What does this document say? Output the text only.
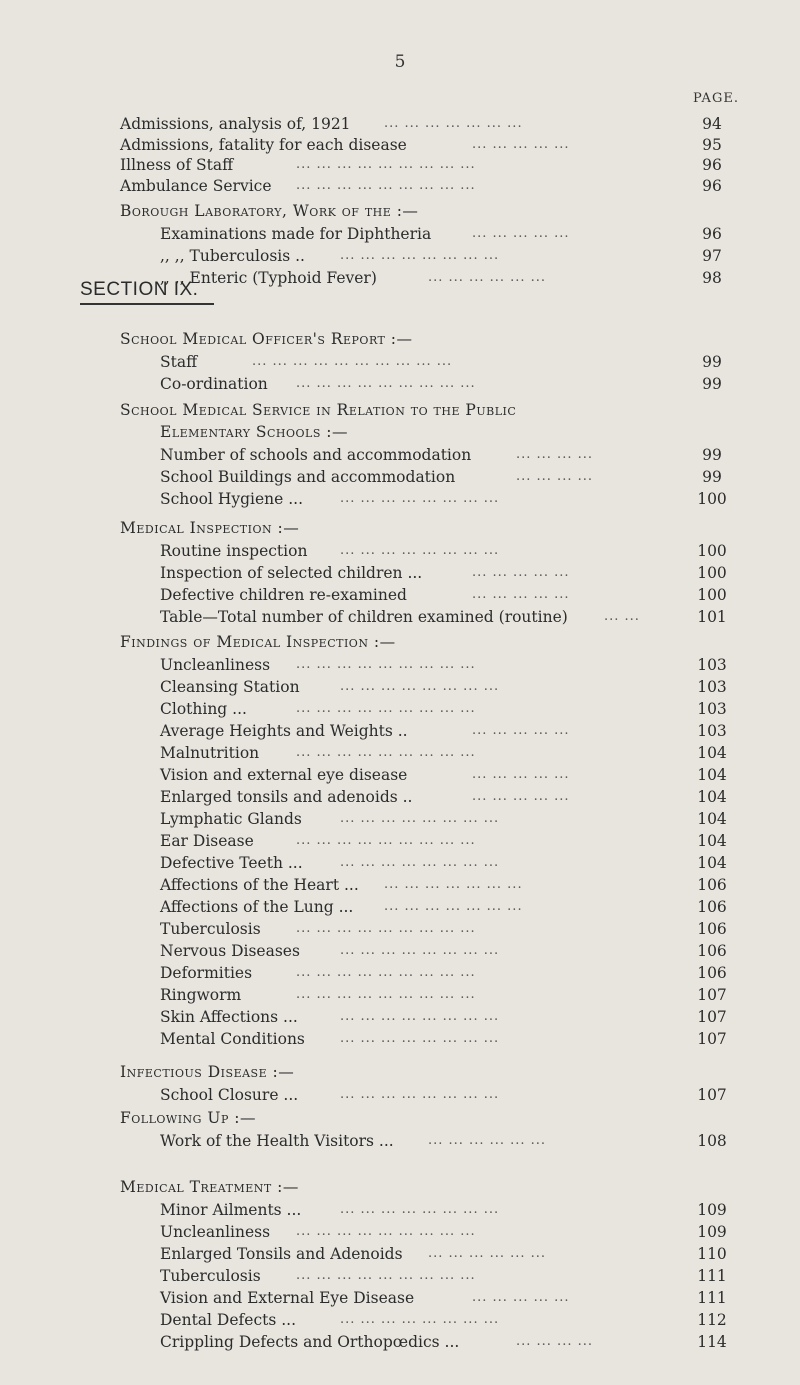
5
PAGE.
Admissions, analysis of, 1921	94
... ... ... ... ... ... ...
Admissions, fatality for each disease	95
... ... ... ... ...
Illness of Staff	96
... ... ... ... ... ... ... ... ...
Ambulance Service	96
... ... ... ... ... ... ... ... ...
Borough Laboratory, Work of the :—
Examinations made for Diphtheria	96
... ... ... ... ...
,, ,, Tuberculosis ..	97
... ... ... ... ... ... ... ...
,, ,, Enteric (Typhoid Fever)	98
... ... ... ... ... ...
School Medical Officer's Report :—
Staff	99
... ... ... ... ... ... ... ... ... ...
Co-ordination	99
... ... ... ... ... ... ... ... ...
School Medical Service in Relation to the Public
Elementary Schools :—
Number of schools and accommodation	99
... ... ... ...
School Buildings and accommodation	99
... ... ... ...
School Hygiene ...	100
... ... ... ... ... ... ... ...
Medical Inspection :—
Routine inspection	100
... ... ... ... ... ... ... ...
Inspection of selected children ...	100
... ... ... ... ...
Defective children re-examined	100
... ... ... ... ...
Table—Total number of children examined (routine)	101
... ...
Findings of Medical Inspection :—
Uncleanliness	103
... ... ... ... ... ... ... ... ...
Cleansing Station	103
... ... ... ... ... ... ... ...
Clothing ...	103
... ... ... ... ... ... ... ... ...
Average Heights and Weights ..	103
... ... ... ... ...
Malnutrition	104
... ... ... ... ... ... ... ... ...
Vision and external eye disease	104
... ... ... ... ...
Enlarged tonsils and adenoids ..	104
... ... ... ... ...
Lymphatic Glands	104
... ... ... ... ... ... ... ...
Ear Disease	104
... ... ... ... ... ... ... ... ...
Defective Teeth ...	104
... ... ... ... ... ... ... ...
Affections of the Heart ...	106
... ... ... ... ... ... ...
Affections of the Lung ...	106
... ... ... ... ... ... ...
Tuberculosis	106
... ... ... ... ... ... ... ... ...
Nervous Diseases	106
... ... ... ... ... ... ... ...
Deformities	106
... ... ... ... ... ... ... ... ...
Ringworm	107
... ... ... ... ... ... ... ... ...
Skin Affections ...	107
... ... ... ... ... ... ... ...
Mental Conditions	107
... ... ... ... ... ... ... ...
Infectious Disease :—
School Closure ...	107
... ... ... ... ... ... ... ...
Following Up :—
Work of the Health Visitors ...	108
... ... ... ... ... ...
Medical Treatment :—
Minor Ailments ...	109
... ... ... ... ... ... ... ...
Uncleanliness	109
... ... ... ... ... ... ... ... ...
Enlarged Tonsils and Adenoids	110
... ... ... ... ... ...
Tuberculosis	111
... ... ... ... ... ... ... ... ...
Vision and External Eye Disease	111
... ... ... ... ...
Dental Defects ...	112
... ... ... ... ... ... ... ...
Crippling Defects and Orthopœdics ...	114
... ... ... ...
SECTION IX.
